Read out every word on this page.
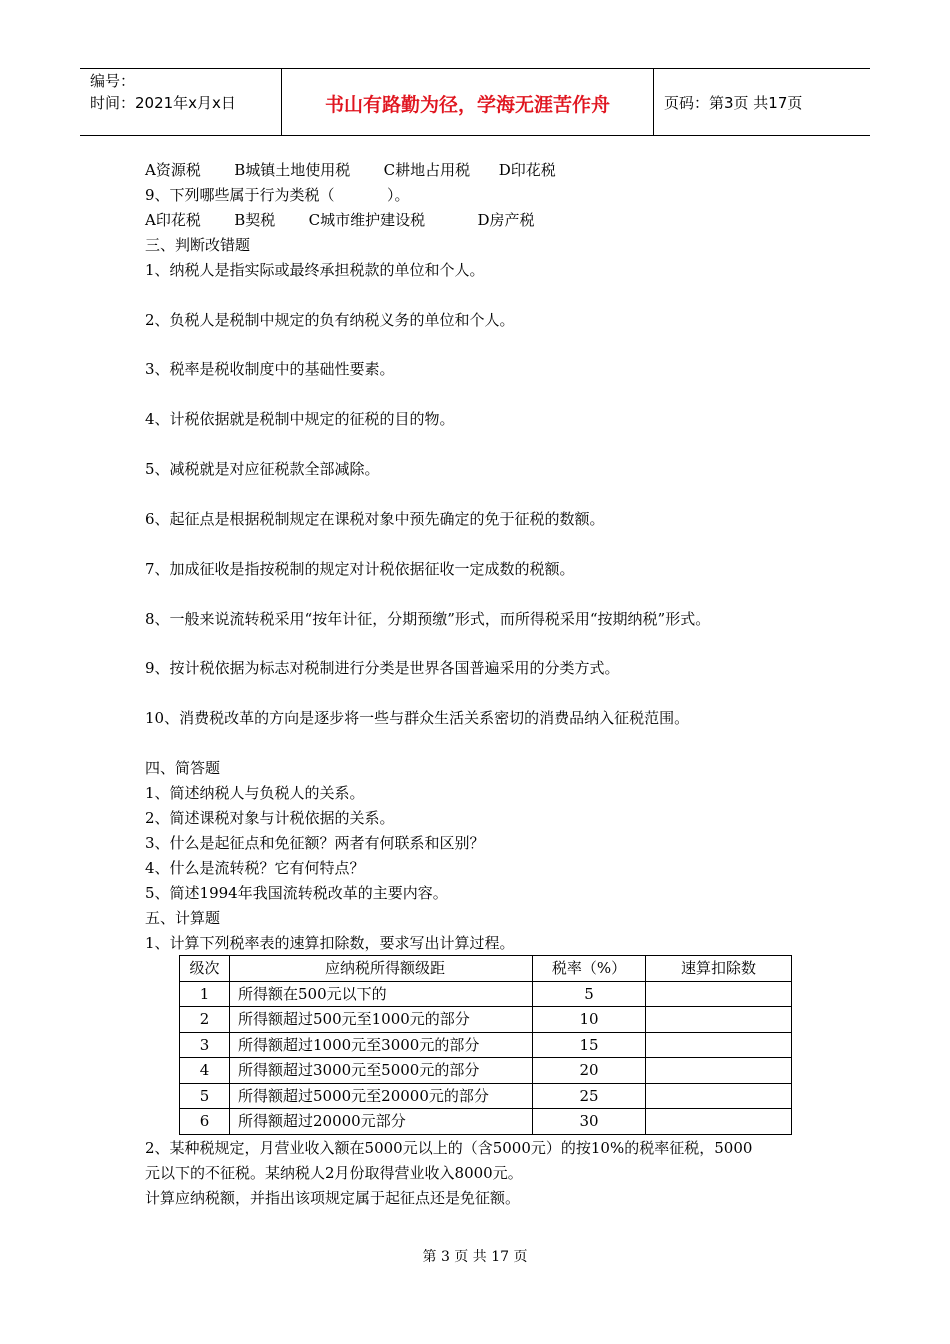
编号：
时间：2021年x月x日	书山有路勤为径，学海无涯苦作舟	页码：第3页 共17页
A资源税       B城镇土地使用税       C耕地占用税      D印花税
9、下列哪些属于行为类税（           ）。
A印花税       B契税       C城市维护建设税           D房产税
三、判断改错题
1、纳税人是指实际或最终承担税款的单位和个人。
2、负税人是税制中规定的负有纳税义务的单位和个人。
3、税率是税收制度中的基础性要素。
4、计税依据就是税制中规定的征税的目的物。
5、减税就是对应征税款全部减除。
6、起征点是根据税制规定在课税对象中预先确定的免于征税的数额。
7、加成征收是指按税制的规定对计税依据征收一定成数的税额。
8、一般来说流转税采用“按年计征，分期预缴”形式，而所得税采用“按期纳税”形式。
9、按计税依据为标志对税制进行分类是世界各国普遍采用的分类方式。
10、消费税改革的方向是逐步将一些与群众生活关系密切的消费品纳入征税范围。
四、简答题
1、简述纳税人与负税人的关系。
2、简述课税对象与计税依据的关系。
3、什么是起征点和免征额？两者有何联系和区别？
4、什么是流转税？它有何特点？
5、简述1994年我国流转税改革的主要内容。
五、计算题
1、计算下列税率表的速算扣除数，要求写出计算过程。
级次	应纳税所得额级距	税率（%）	速算扣除数
1	所得额在500元以下的	5	
2	所得额超过500元至1000元的部分	10	
3	所得额超过1000元至3000元的部分	15	
4	所得额超过3000元至5000元的部分	20	
5	所得额超过5000元至20000元的部分	25	
6	所得额超过20000元部分	30	
2、某种税规定，月营业收入额在5000元以上的（含5000元）的按10%的税率征税，5000
元以下的不征税。某纳税人2月份取得营业收入8000元。
计算应纳税额，并指出该项规定属于起征点还是免征额。
第 3 页 共 17 页
